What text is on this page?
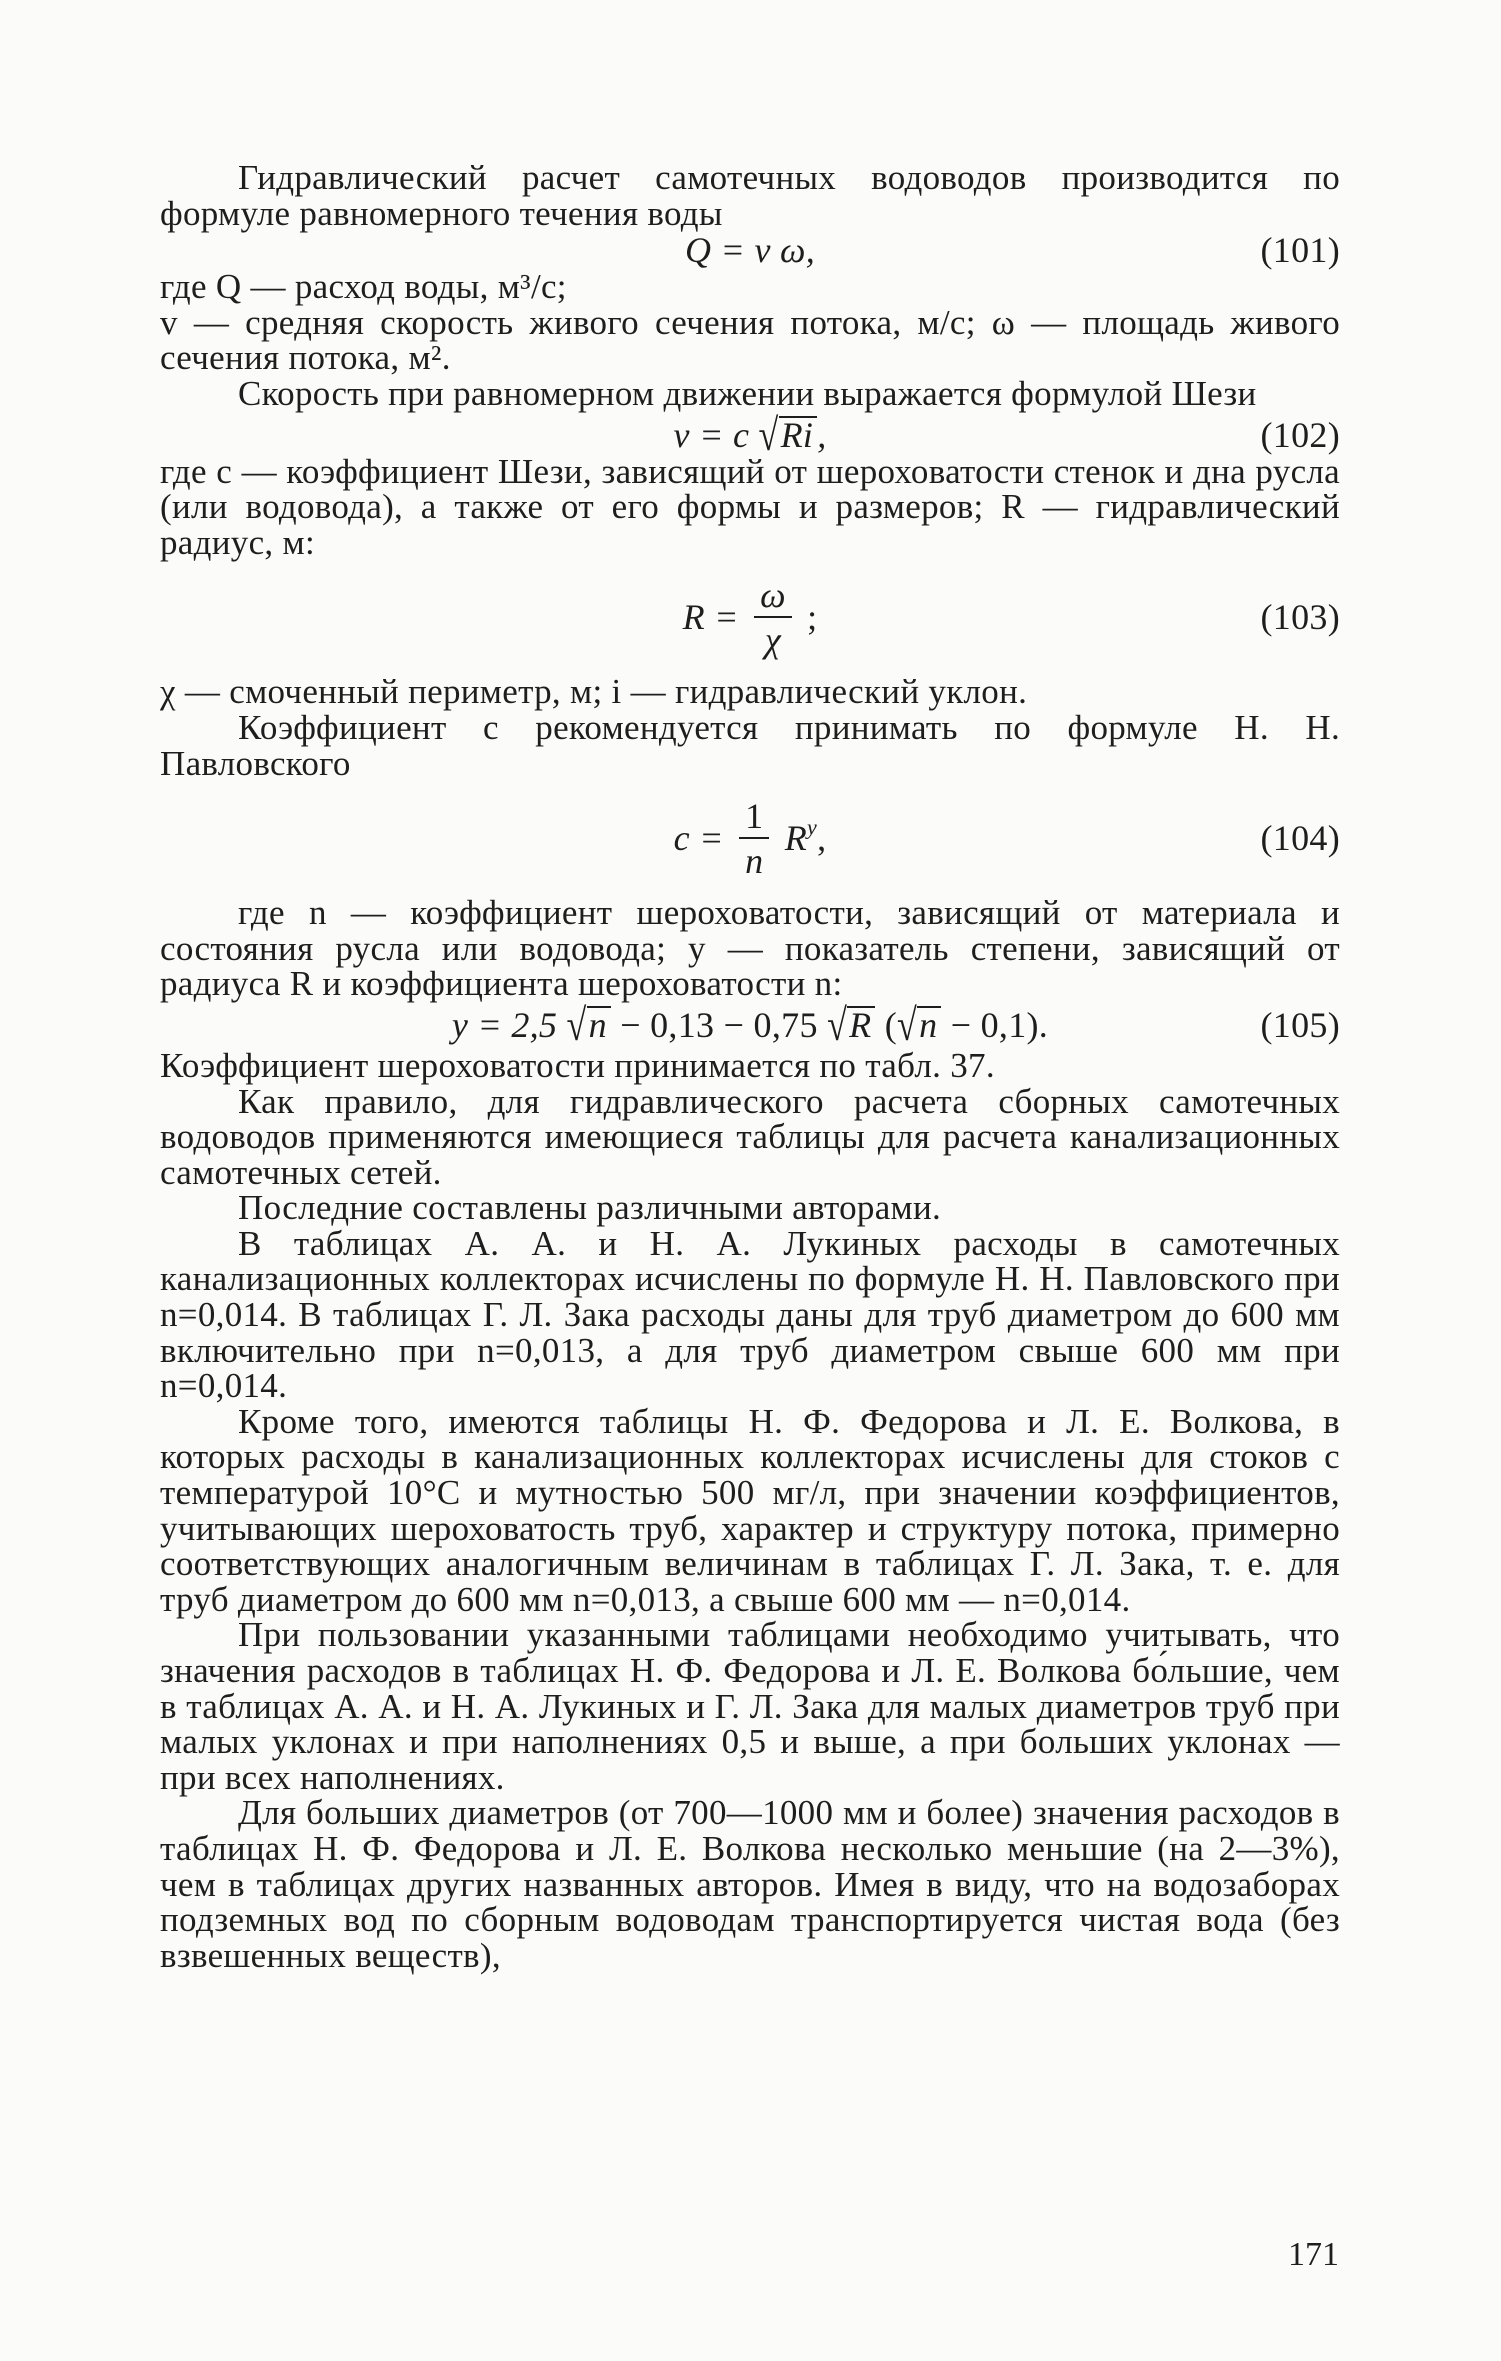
Гидравлический расчет самотечных водоводов производится по формуле равномерного течения воды

Q = v ω,	(101)

где Q — расход воды, м³/с;

v — средняя скорость живого сечения потока, м/с; ω — площадь живого сечения потока, м².

Скорость при равномерном движении выражается формулой Шези

v = c √Ri ,	(102)

где c — коэффициент Шези, зависящий от шероховатости стенок и дна русла (или водовода), а также от его формы и размеров; R — гидравлический радиус, м:

$R = \frac{\omega}{\chi}$ ;	(103)

χ — смоченный периметр, м; i — гидравлический уклон.

Коэффициент c рекомендуется принимать по формуле Н. Н. Павловского

$c = \frac{1}{n} R^y$,	(104)

где n — коэффициент шероховатости, зависящий от материала и состояния русла или водовода; y — показатель степени, зависящий от радиуса R и коэффициента шероховатости n:

y = 2,5 √n − 0,13 − 0,75 √R (√n − 0,1).	(105)

Коэффициент шероховатости принимается по табл. 37.

Как правило, для гидравлического расчета сборных самотечных водоводов применяются имеющиеся таблицы для расчета канализационных самотечных сетей.

Последние составлены различными авторами.

В таблицах А. А. и Н. А. Лукиных расходы в самотечных канализационных коллекторах исчислены по формуле Н. Н. Павловского при n=0,014. В таблицах Г. Л. Зака расходы даны для труб диаметром до 600 мм включительно при n=0,013, а для труб диаметром свыше 600 мм при n=0,014.

Кроме того, имеются таблицы Н. Ф. Федорова и Л. Е. Волкова, в которых расходы в канализационных коллекторах исчислены для стоков с температурой 10°С и мутностью 500 мг/л, при значении коэффициентов, учитывающих шероховатость труб, характер и структуру потока, примерно соответствующих аналогичным величинам в таблицах Г. Л. Зака, т. е. для труб диаметром до 600 мм n=0,013, а свыше 600 мм — n=0,014.

При пользовании указанными таблицами необходимо учитывать, что значения расходов в таблицах Н. Ф. Федорова и Л. Е. Волкова бо́льшие, чем в таблицах А. А. и Н. А. Лукиных и Г. Л. Зака для малых диаметров труб при малых уклонах и при наполнениях 0,5 и выше, а при больших уклонах — при всех наполнениях.

Для больших диаметров (от 700—1000 мм и более) значения расходов в таблицах Н. Ф. Федорова и Л. Е. Волкова несколько меньшие (на 2—3%), чем в таблицах других названных авторов. Имея в виду, что на водозаборах подземных вод по сборным водоводам транспортируется чистая вода (без взвешенных веществ),

171
